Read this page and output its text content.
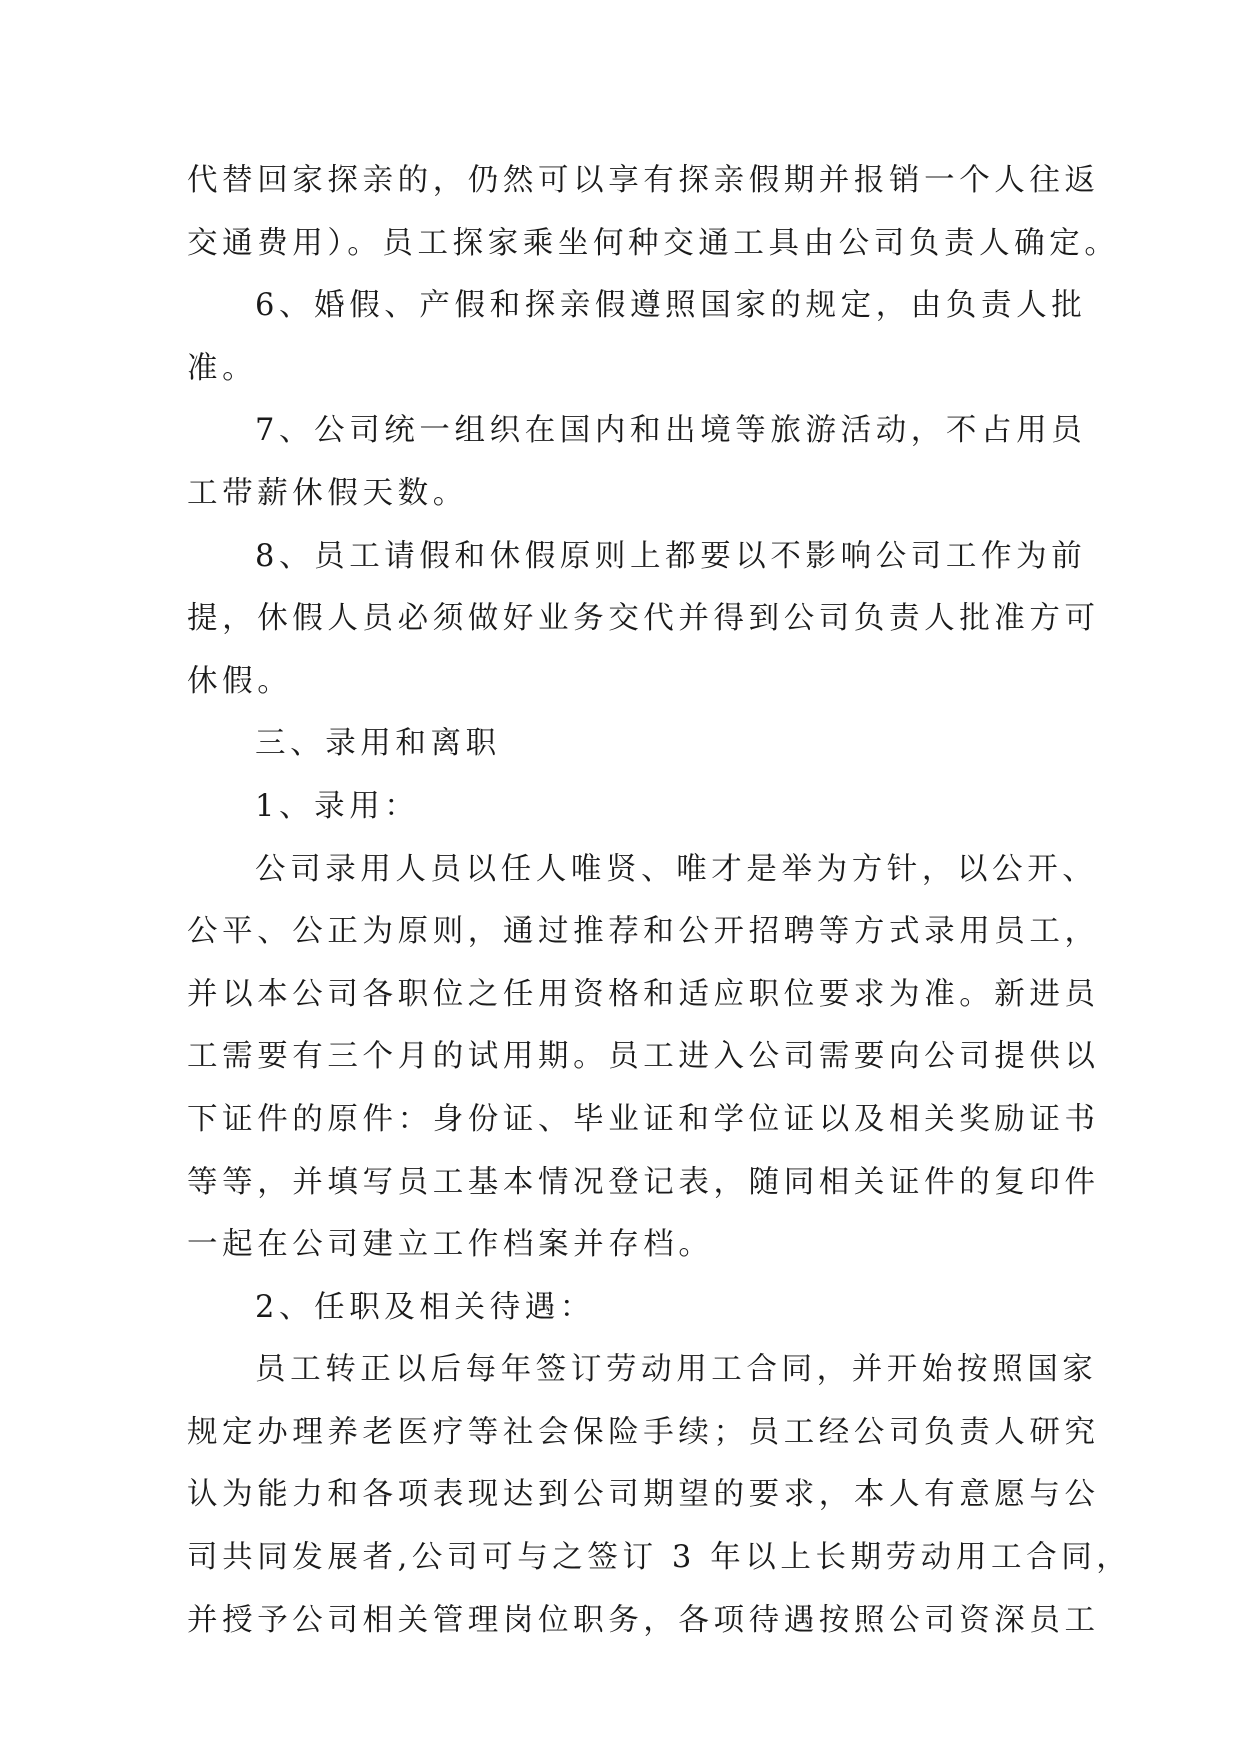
代替回家探亲的，仍然可以享有探亲假期并报销一个人往返
交通费用）。员工探家乘坐何种交通工具由公司负责人确定。
6、婚假、产假和探亲假遵照国家的规定，由负责人批
准。
7、公司统一组织在国内和出境等旅游活动，不占用员
工带薪休假天数。
8、员工请假和休假原则上都要以不影响公司工作为前
提，休假人员必须做好业务交代并得到公司负责人批准方可
休假。
三、录用和离职
1、录用：
公司录用人员以任人唯贤、唯才是举为方针，以公开、
公平、公正为原则，通过推荐和公开招聘等方式录用员工，
并以本公司各职位之任用资格和适应职位要求为准。新进员
工需要有三个月的试用期。员工进入公司需要向公司提供以
下证件的原件：身份证、毕业证和学位证以及相关奖励证书
等等，并填写员工基本情况登记表，随同相关证件的复印件
一起在公司建立工作档案并存档。
2、任职及相关待遇：
员工转正以后每年签订劳动用工合同，并开始按照国家
规定办理养老医疗等社会保险手续；员工经公司负责人研究
认为能力和各项表现达到公司期望的要求，本人有意愿与公
司共同发展者,公司可与之签订 3 年以上长期劳动用工合同，
并授予公司相关管理岗位职务，各项待遇按照公司资深员工
